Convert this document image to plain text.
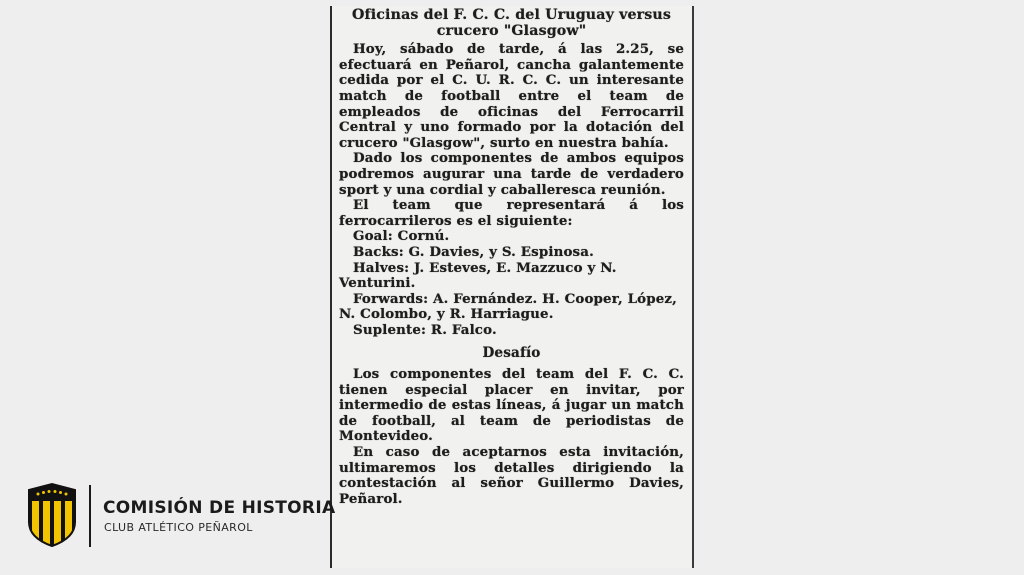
Oficinas del F. C. C. del Uruguay versus
crucero "Glasgow"

Hoy, sábado de tarde, á las 2.25, se efectuará en Peñarol, cancha galantemente cedida por el C. U. R. C. C. un interesante match de football entre el team de empleados de oficinas del Ferrocarril Central y uno formado por la dotación del crucero "Glasgow", surto en nuestra bahía.

Dado los componentes de ambos equipos podremos augurar una tarde de verdadero sport y una cordial y caballeresca reunión.

El team que representará á los ferrocarrileros es el siguiente:

Goal: Cornú.
Backs: G. Davies, y S. Espinosa.
Halves: J. Esteves, E. Mazzuco y N. Venturini.
Forwards: A. Fernández. H. Cooper, López, N. Colombo, y R. Harriague.
Suplente: R. Falco.
Desafío

Los componentes del team del F. C. C. tienen especial placer en invitar, por intermedio de estas líneas, á jugar un match de football, al team de periodistas de Montevideo.

En caso de aceptarnos esta invitación, ultimaremos los detalles dirigiendo la contestación al señor Guillermo Davies, Peñarol.

COMISIÓN DE HISTORIA
CLUB ATLÉTICO PEÑAROL
